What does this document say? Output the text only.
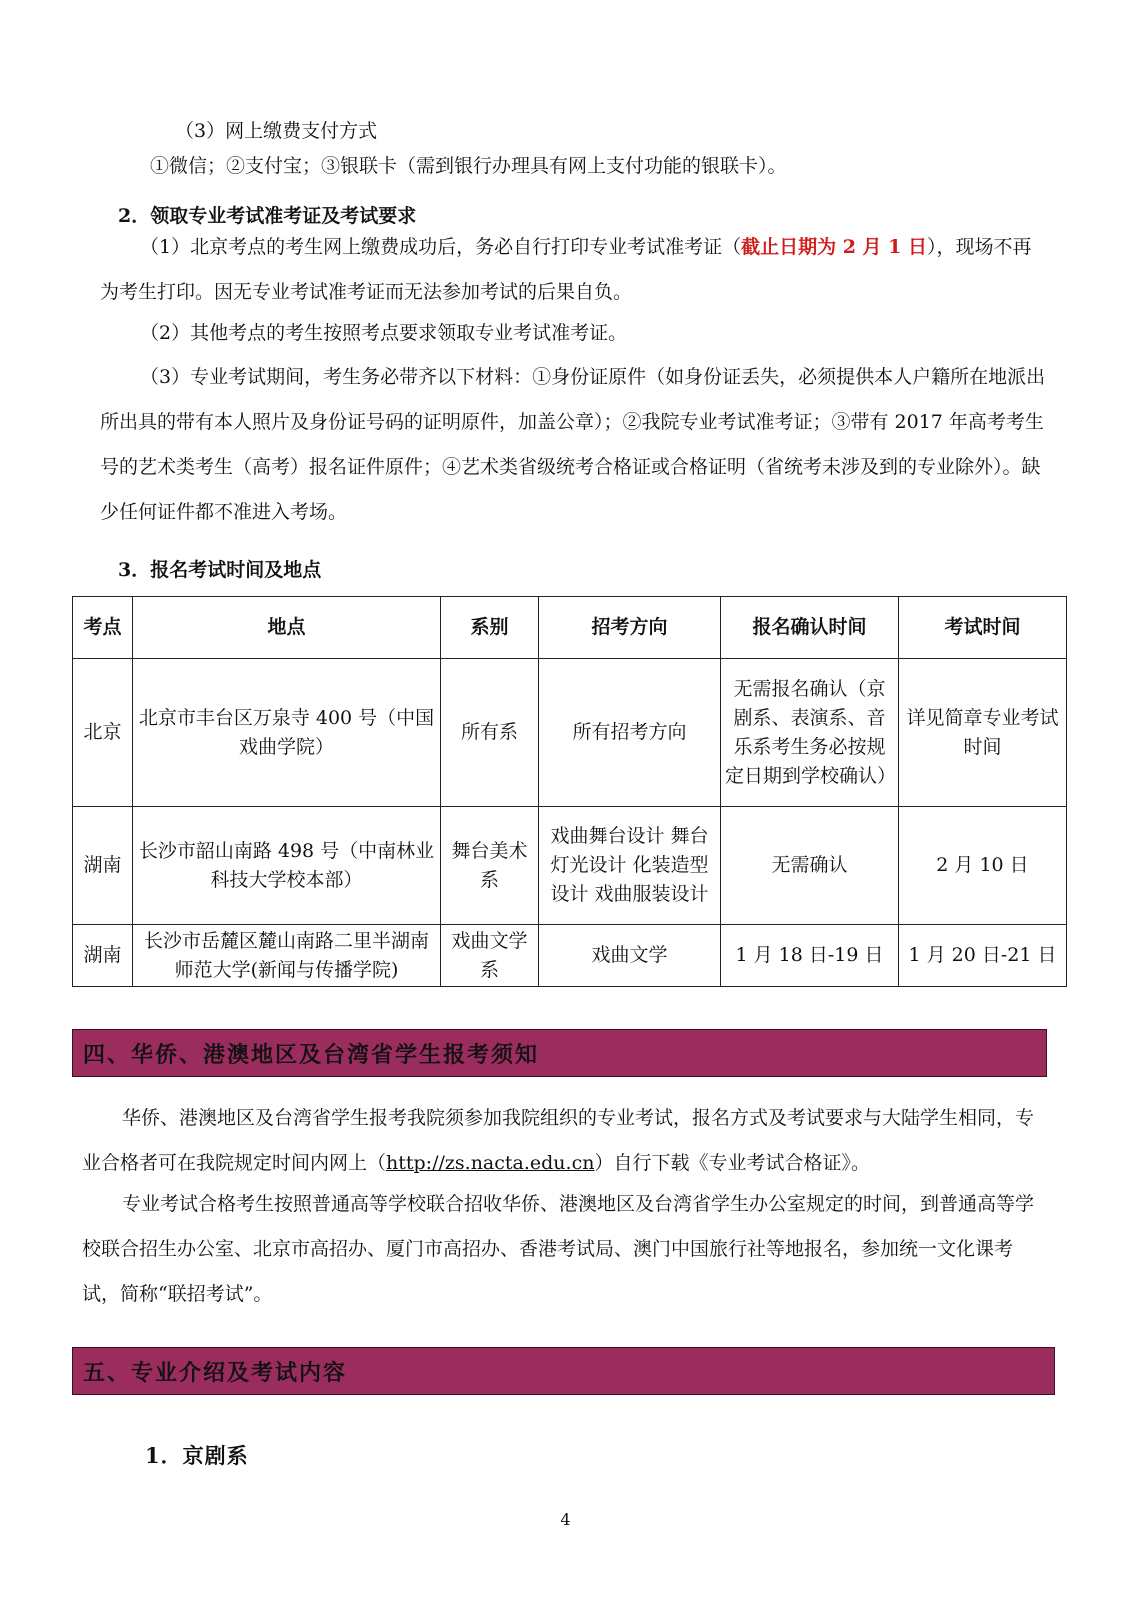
（3）网上缴费支付方式
①微信；②支付宝；③银联卡（需到银行办理具有网上支付功能的银联卡）。
2．领取专业考试准考证及考试要求
（1）北京考点的考生网上缴费成功后，务必自行打印专业考试准考证（截止日期为 2 月 1 日），现场不再为考生打印。因无专业考试准考证而无法参加考试的后果自负。
（2）其他考点的考生按照考点要求领取专业考试准考证。
（3）专业考试期间，考生务必带齐以下材料：①身份证原件（如身份证丢失，必须提供本人户籍所在地派出所出具的带有本人照片及身份证号码的证明原件，加盖公章）；②我院专业考试准考证；③带有 2017 年高考考生号的艺术类考生（高考）报名证件原件；④艺术类省级统考合格证或合格证明（省统考未涉及到的专业除外）。缺少任何证件都不准进入考场。
3．报名考试时间及地点
考点	地点	系别	招考方向	报名确认时间	考试时间
北京	北京市丰台区万泉寺 400 号（中国戏曲学院）	所有系	所有招考方向	无需报名确认（京剧系、表演系、音乐系考生务必按规定日期到学校确认）	详见简章专业考试时间
湖南	长沙市韶山南路 498 号（中南林业科技大学校本部）	舞台美术系	戏曲舞台设计 舞台灯光设计 化装造型设计 戏曲服装设计	无需确认	2 月 10 日
湖南	长沙市岳麓区麓山南路二里半湖南师范大学(新闻与传播学院)	戏曲文学系	戏曲文学	1 月 18 日-19 日	1 月 20 日-21 日
四、华侨、港澳地区及台湾省学生报考须知
华侨、港澳地区及台湾省学生报考我院须参加我院组织的专业考试，报名方式及考试要求与大陆学生相同，专业合格者可在我院规定时间内网上（http://zs.nacta.edu.cn）自行下载《专业考试合格证》。
专业考试合格考生按照普通高等学校联合招收华侨、港澳地区及台湾省学生办公室规定的时间，到普通高等学校联合招生办公室、北京市高招办、厦门市高招办、香港考试局、澳门中国旅行社等地报名，参加统一文化课考试，简称“联招考试”。
五、专业介绍及考试内容
1．京剧系
4
